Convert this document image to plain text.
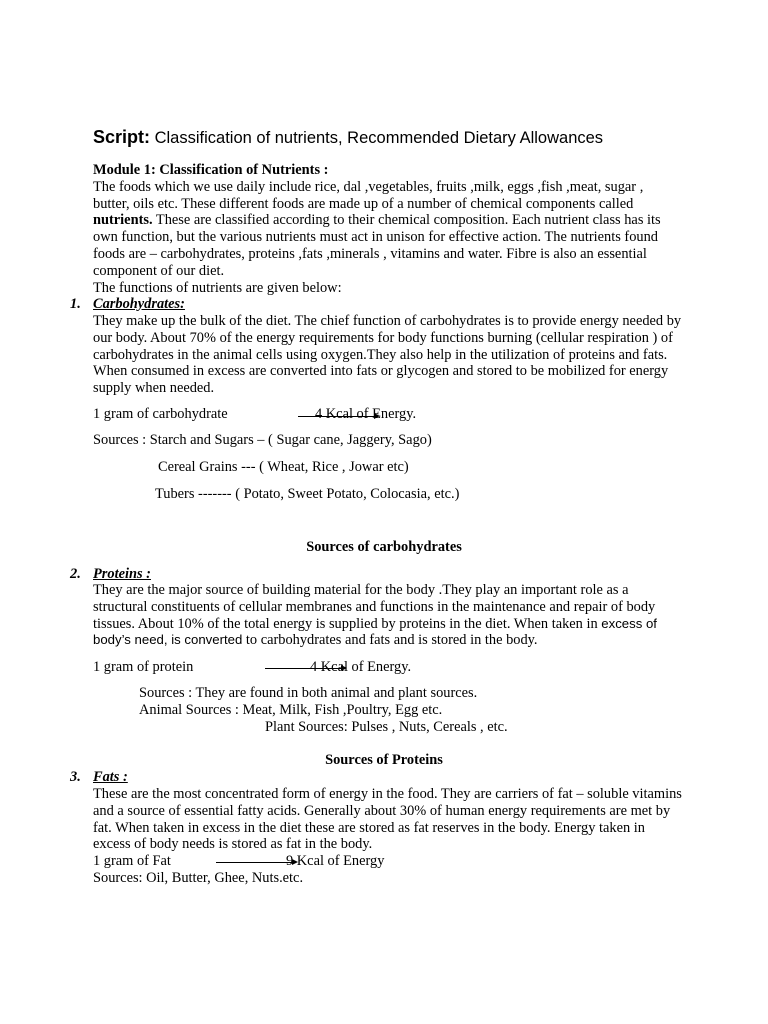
Script: Classification of nutrients, Recommended Dietary Allowances

Module 1: Classification of Nutrients :

The foods which we use daily include rice, dal ,vegetables, fruits ,milk, eggs ,fish ,meat, sugar , butter, oils etc. These different foods are made up of a number of chemical components called nutrients. These are classified according to their chemical composition. Each nutrient class has its own function, but the various nutrients must act in unison for effective action. The nutrients found foods are – carbohydrates, proteins ,fats ,minerals , vitamins and water. Fibre is also an essential component of our diet.

The functions of nutrients are given below:

1. Carbohydrates:

They make up the bulk of the diet. The chief function of carbohydrates is to provide energy needed by our body. About 70% of the energy requirements for body functions burning (cellular respiration ) of carbohydrates in the animal cells using oxygen.They also help in the utilization of proteins and fats. When consumed in excess are converted into fats or glycogen and stored to be mobilized for energy supply when needed.

1 gram of carbohydrate	4 Kcal of Energy.
Sources : Starch and Sugars – ( Sugar cane, Jaggery, Sago)
Cereal Grains --- ( Wheat, Rice , Jowar etc)
Tubers ------- ( Potato, Sweet Potato, Colocasia, etc.)
Sources of carbohydrates
2. Proteins :

They are the major source of building material for the body .They play an important role as a structural constituents of cellular membranes and functions in the maintenance and repair of body tissues. About 10% of the total energy is supplied by proteins in the diet. When taken in excess of body’s need, is converted to carbohydrates and fats and is stored in the body.

1 gram of protein	4 Kcal of Energy.
Sources : They are found in both animal and plant sources.
Animal Sources : Meat, Milk, Fish ,Poultry, Egg etc.
Plant Sources: Pulses , Nuts, Cereals , etc.
Sources of Proteins
3. Fats :

These are the most concentrated form of energy in the food. They are carriers of fat – soluble vitamins and a source of essential fatty acids. Generally about 30% of human energy requirements are met by fat. When taken in excess in the diet these are stored as fat reserves in the body. Energy taken in excess of body needs is stored as fat in the body.

1 gram of Fat	9 Kcal of Energy
Sources: Oil, Butter, Ghee, Nuts.etc.
